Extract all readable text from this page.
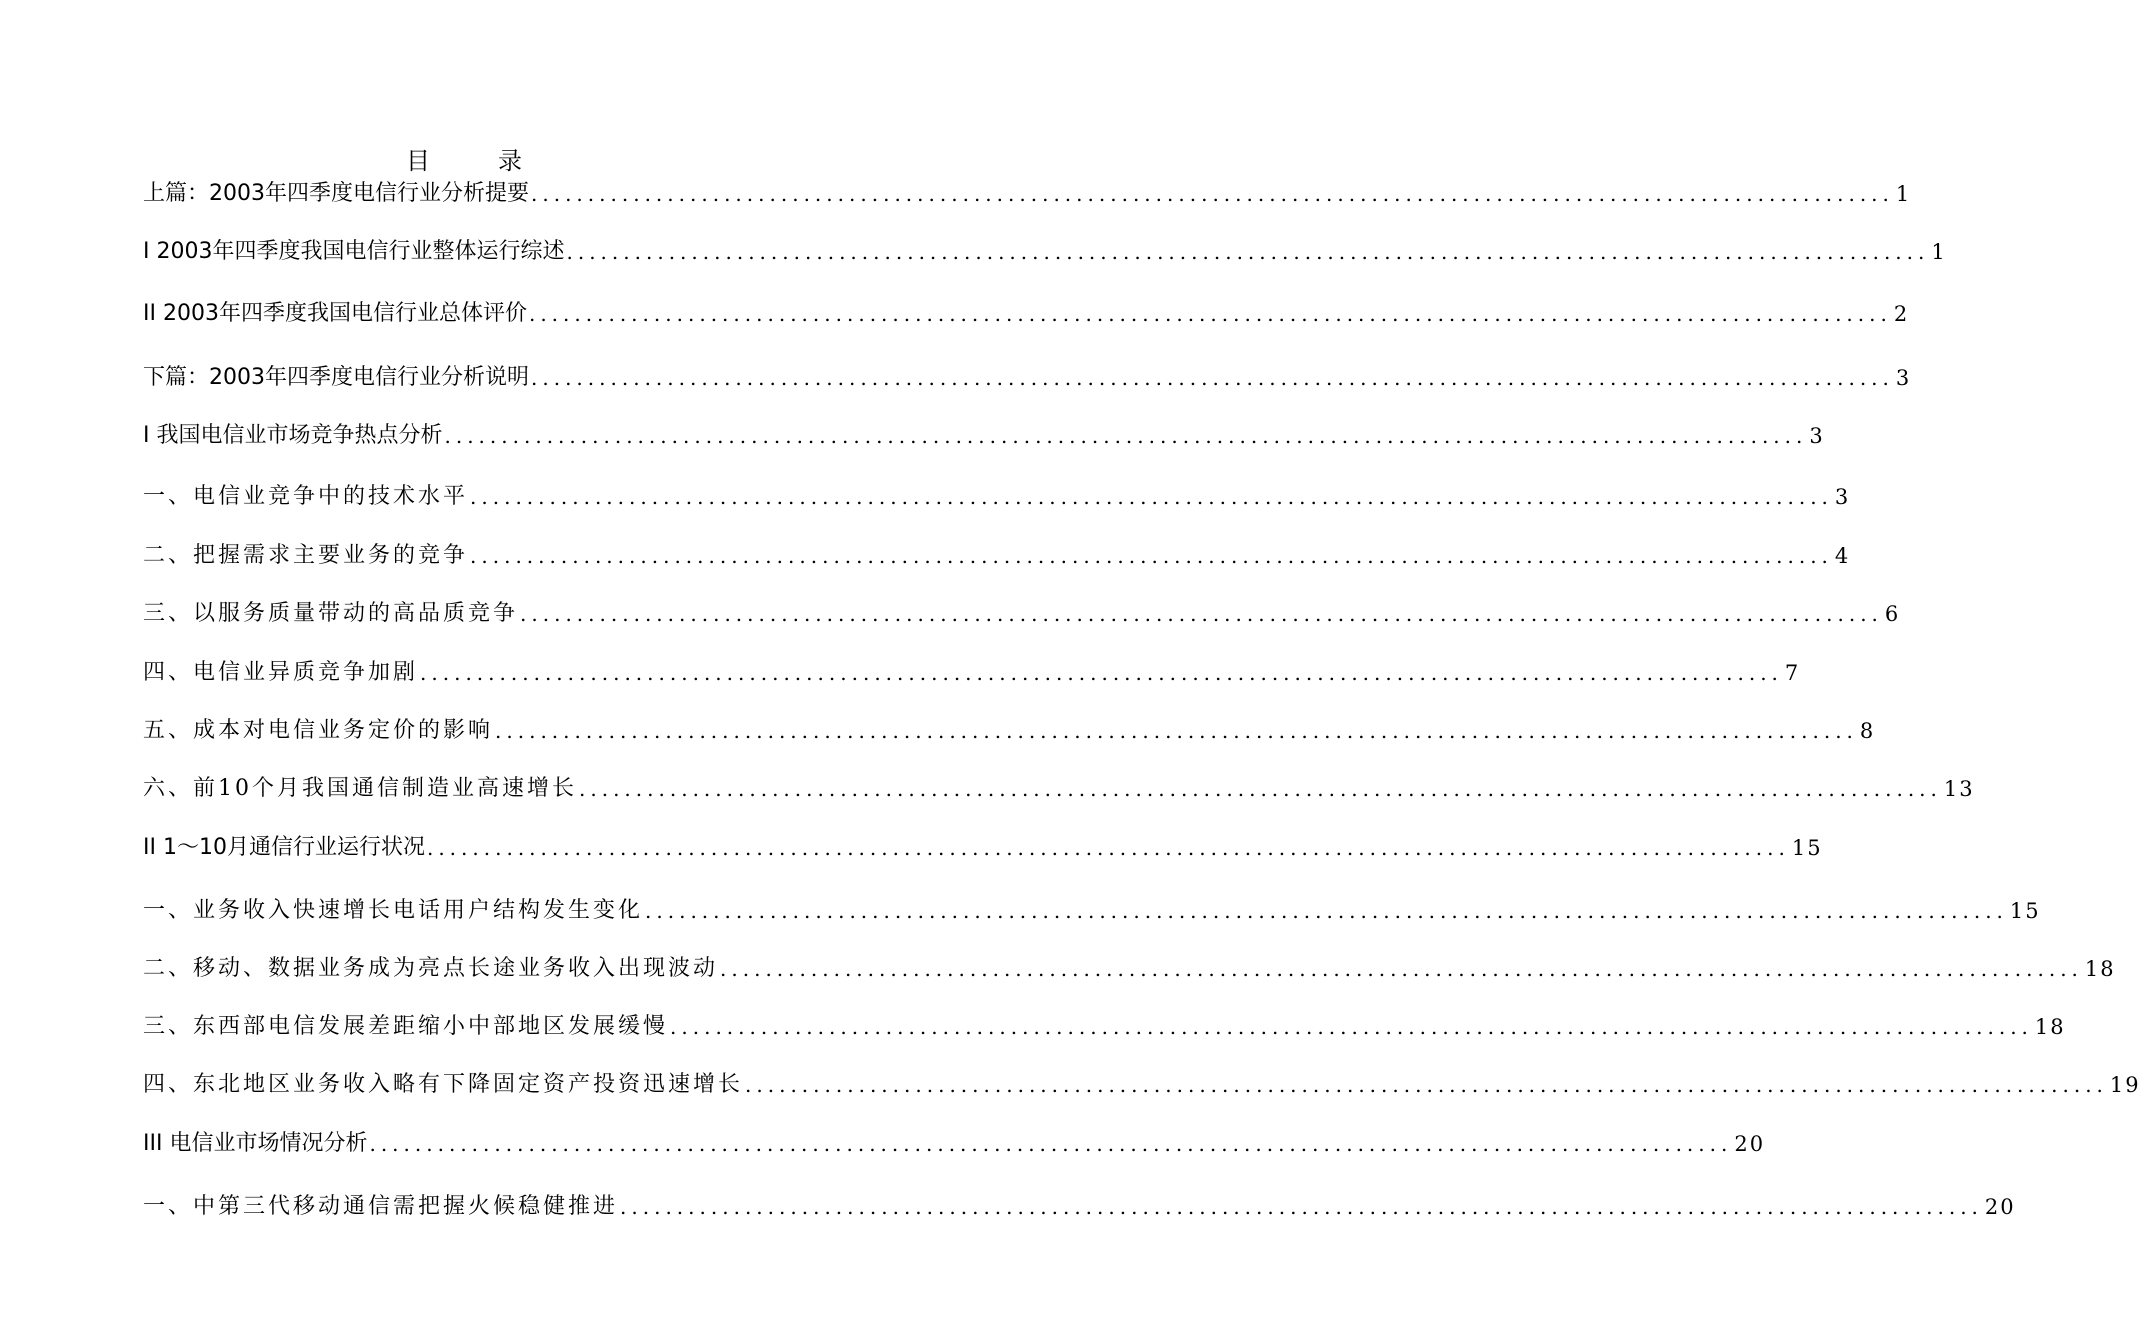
目　录
上篇：2003年四季度电信行业分析提要 ........................................................................................................................ 1
I 2003年四季度我国电信行业整体运行综述 ........................................................................................................................ 1
II 2003年四季度我国电信行业总体评价 ........................................................................................................................ 2
下篇：2003年四季度电信行业分析说明 ........................................................................................................................ 3
I 我国电信业市场竞争热点分析 ........................................................................................................................ 3
一、电信业竞争中的技术水平 ........................................................................................................................ 3
二、把握需求主要业务的竞争 ........................................................................................................................ 4
三、以服务质量带动的高品质竞争 ........................................................................................................................ 6
四、电信业异质竞争加剧 ........................................................................................................................ 7
五、成本对电信业务定价的影响 ........................................................................................................................ 8
六、前10个月我国通信制造业高速增长 ........................................................................................................................ 13
II 1～10月通信行业运行状况 ........................................................................................................................ 15
一、业务收入快速增长电话用户结构发生变化 ........................................................................................................................ 15
二、移动、数据业务成为亮点长途业务收入出现波动 ........................................................................................................................ 18
三、东西部电信发展差距缩小中部地区发展缓慢 ........................................................................................................................ 18
四、东北地区业务收入略有下降固定资产投资迅速增长 ........................................................................................................................ 19
III 电信业市场情况分析 ........................................................................................................................ 20
一、中第三代移动通信需把握火候稳健推进 ........................................................................................................................ 20
